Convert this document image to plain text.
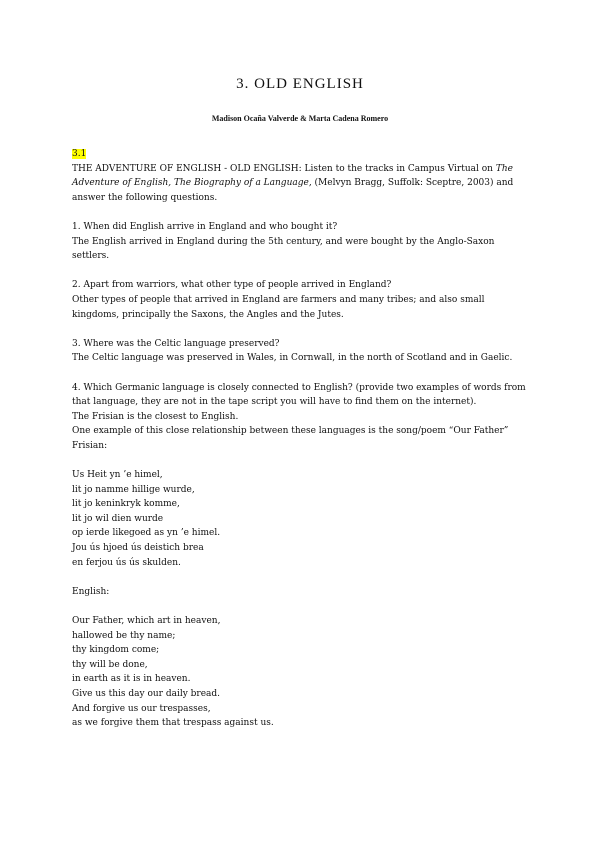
3. OLD ENGLISH
Madison Ocaña Valverde & Marta Cadena Romero

3.1

THE ADVENTURE OF ENGLISH - OLD ENGLISH: Listen to the tracks in Campus Virtual on The Adventure of English, The Biography of a Language, (Melvyn Bragg, Suffolk: Sceptre, 2003) and answer the following questions.

1. When did English arrive in England and who bought it?

The English arrived in England during the 5th century, and were bought by the Anglo-Saxon settlers.

2. Apart from warriors, what other type of people arrived in England?

Other types of people that arrived in England are farmers and many tribes; and also small kingdoms, principally the Saxons, the Angles and the Jutes.

3. Where was the Celtic language preserved?

The Celtic language was preserved in Wales, in Cornwall, in the north of Scotland and in Gaelic.

4. Which Germanic language is closely connected to English? (provide two examples of words from that language, they are not in the tape script you will have to find them on the internet).

The Frisian is the closest to English.

One example of this close relationship between these languages is the song/poem “Our Father”

Frisian:

Us Heit yn ’e himel,
lit jo namme hillige wurde,
lit jo keninkryk komme,
lit jo wil dien wurde
op ierde likegoed as yn ’e himel.
Jou ús hjoed ús deistich brea
en ferjou ús ús skulden.

English:

Our Father, which art in heaven,
hallowed be thy name;
thy kingdom come;
thy will be done,
in earth as it is in heaven.
Give us this day our daily bread.
And forgive us our trespasses,
as we forgive them that trespass against us.
